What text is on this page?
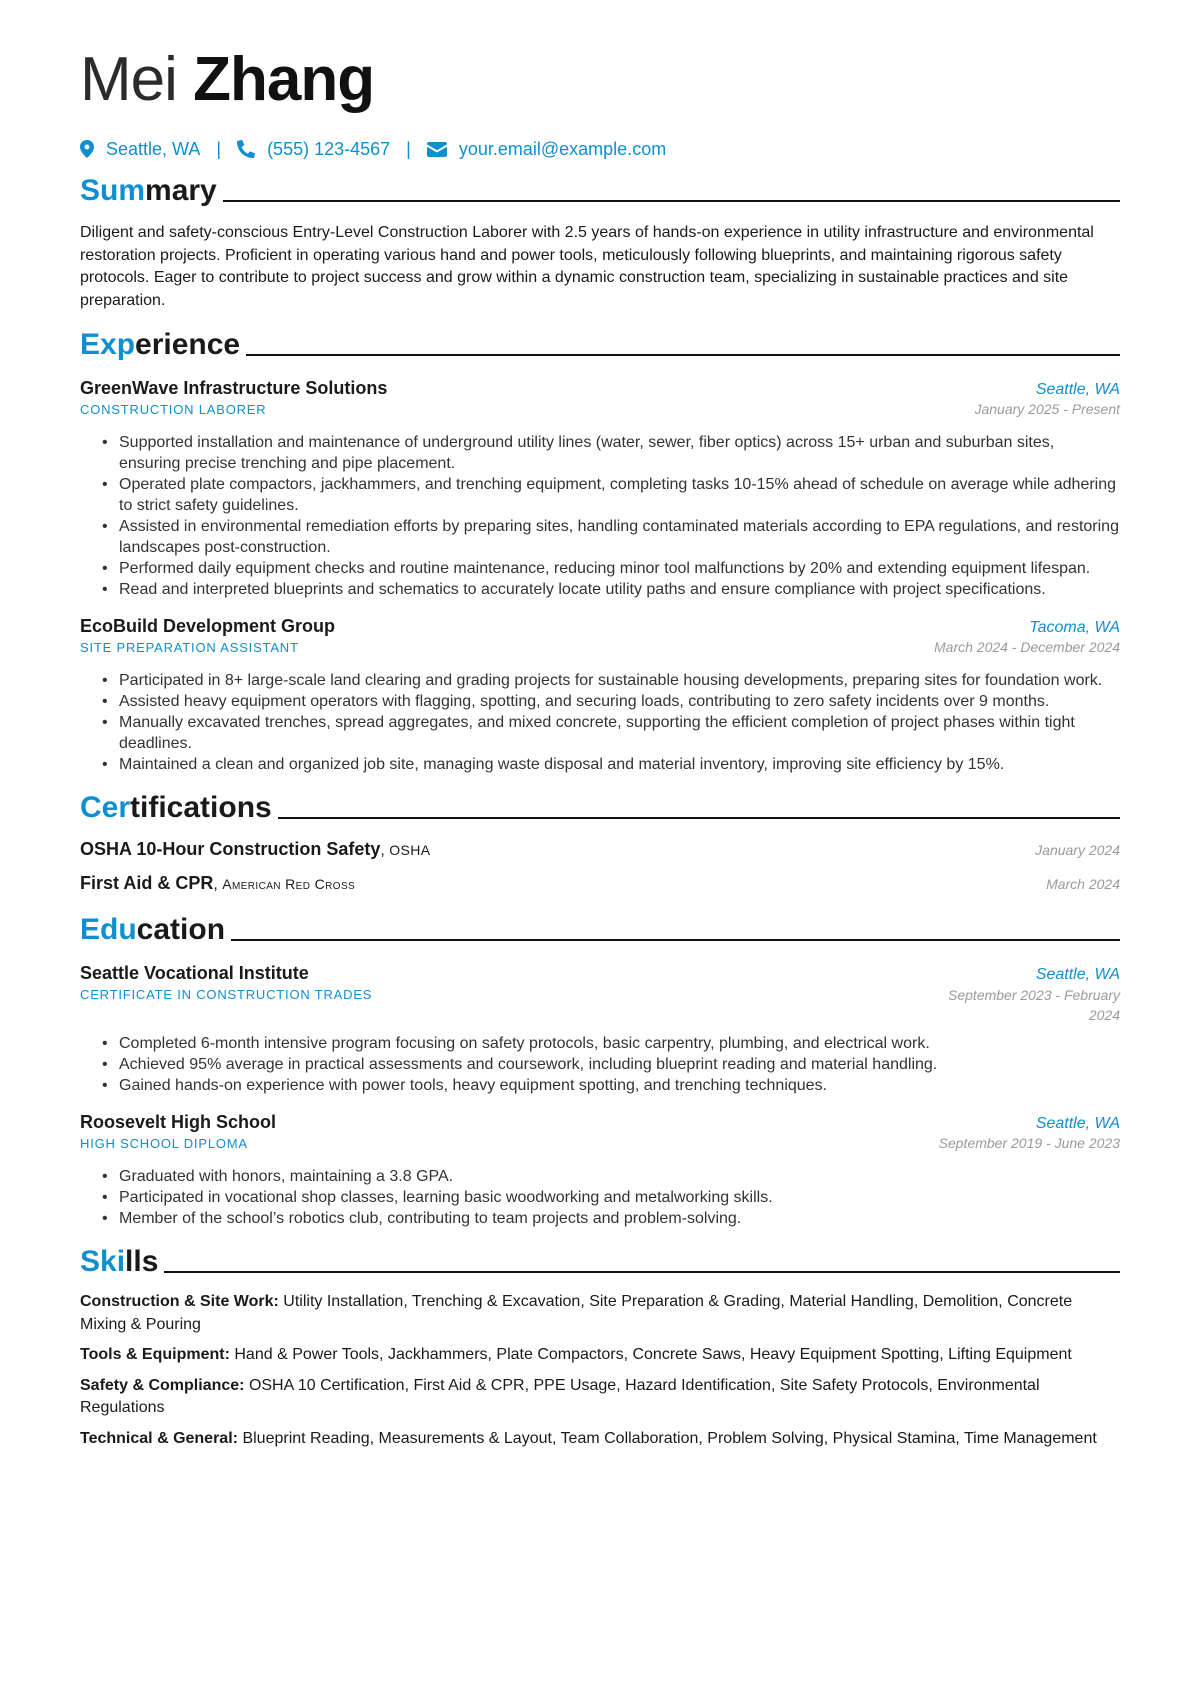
Mei Zhang
Seattle, WA |	(555) 123-4567 |	your.email@example.com
Summary

Diligent and safety-conscious Entry-Level Construction Laborer with 2.5 years of hands-on experience in utility infrastructure and environmental restoration projects. Proficient in operating various hand and power tools, meticulously following blueprints, and maintaining rigorous safety protocols. Eager to contribute to project success and grow within a dynamic construction team, specializing in sustainable practices and site preparation.

Experience
GreenWave Infrastructure Solutions	Seattle, WA
CONSTRUCTION LABORER	January 2025 - Present
• Supported installation and maintenance of underground utility lines (water, sewer, fiber optics) across 15+ urban and suburban sites, ensuring precise trenching and pipe placement.
• Operated plate compactors, jackhammers, and trenching equipment, completing tasks 10-15% ahead of schedule on average while adhering to strict safety guidelines.
• Assisted in environmental remediation efforts by preparing sites, handling contaminated materials according to EPA regulations, and restoring landscapes post-construction.
• Performed daily equipment checks and routine maintenance, reducing minor tool malfunctions by 20% and extending equipment lifespan.
• Read and interpreted blueprints and schematics to accurately locate utility paths and ensure compliance with project specifications.
EcoBuild Development Group	Tacoma, WA
SITE PREPARATION ASSISTANT	March 2024 - December 2024
• Participated in 8+ large-scale land clearing and grading projects for sustainable housing developments, preparing sites for foundation work.
• Assisted heavy equipment operators with flagging, spotting, and securing loads, contributing to zero safety incidents over 9 months.
• Manually excavated trenches, spread aggregates, and mixed concrete, supporting the efficient completion of project phases within tight deadlines.
• Maintained a clean and organized job site, managing waste disposal and material inventory, improving site efficiency by 15%.
Certifications
OSHA 10-Hour Construction Safety, OSHA	January 2024
First Aid & CPR, American Red Cross	March 2024
Education
Seattle Vocational Institute	Seattle, WA
CERTIFICATE IN CONSTRUCTION TRADES	September 2023 - February 2024
• Completed 6-month intensive program focusing on safety protocols, basic carpentry, plumbing, and electrical work.
• Achieved 95% average in practical assessments and coursework, including blueprint reading and material handling.
• Gained hands-on experience with power tools, heavy equipment spotting, and trenching techniques.
Roosevelt High School	Seattle, WA
HIGH SCHOOL DIPLOMA	September 2019 - June 2023
• Graduated with honors, maintaining a 3.8 GPA.
• Participated in vocational shop classes, learning basic woodworking and metalworking skills.
• Member of the school’s robotics club, contributing to team projects and problem-solving.
Skills

Construction & Site Work: Utility Installation, Trenching & Excavation, Site Preparation & Grading, Material Handling, Demolition, Concrete Mixing & Pouring

Tools & Equipment: Hand & Power Tools, Jackhammers, Plate Compactors, Concrete Saws, Heavy Equipment Spotting, Lifting Equipment

Safety & Compliance: OSHA 10 Certification, First Aid & CPR, PPE Usage, Hazard Identification, Site Safety Protocols, Environmental Regulations

Technical & General: Blueprint Reading, Measurements & Layout, Team Collaboration, Problem Solving, Physical Stamina, Time Management
